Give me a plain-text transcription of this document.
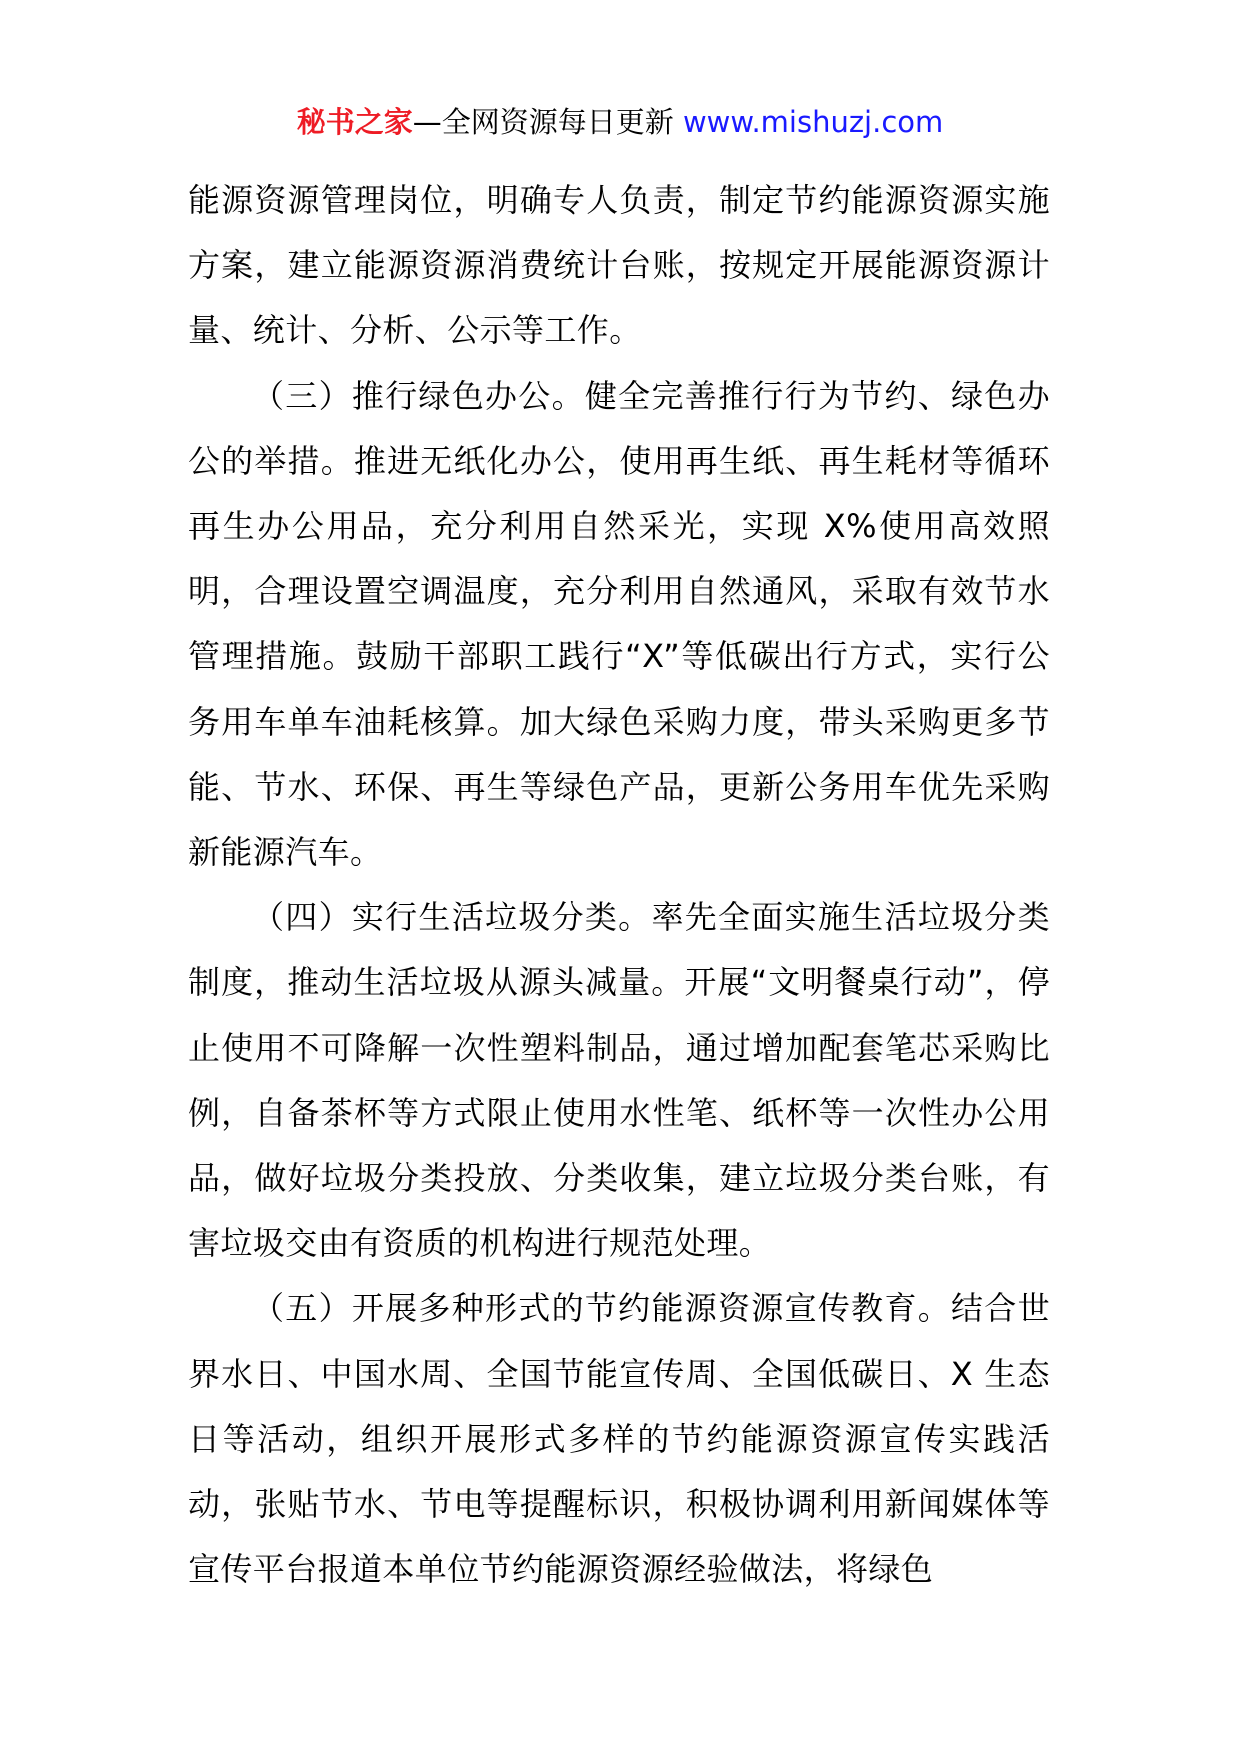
秘书之家—全网资源每日更新 www.mishuzj.com

能源资源管理岗位，明确专人负责，制定节约能源资源实施方案，建立能源资源消费统计台账，按规定开展能源资源计量、统计、分析、公示等工作。

（三）推行绿色办公。健全完善推行行为节约、绿色办公的举措。推进无纸化办公，使用再生纸、再生耗材等循环再生办公用品，充分利用自然采光，实现 X%使用高效照明，合理设置空调温度，充分利用自然通风，采取有效节水管理措施。鼓励干部职工践行“X”等低碳出行方式，实行公务用车单车油耗核算。加大绿色采购力度，带头采购更多节能、节水、环保、再生等绿色产品，更新公务用车优先采购新能源汽车。

（四）实行生活垃圾分类。率先全面实施生活垃圾分类制度，推动生活垃圾从源头减量。开展“文明餐桌行动”，停止使用不可降解一次性塑料制品，通过增加配套笔芯采购比例，自备茶杯等方式限止使用水性笔、纸杯等一次性办公用品，做好垃圾分类投放、分类收集，建立垃圾分类台账，有害垃圾交由有资质的机构进行规范处理。

（五）开展多种形式的节约能源资源宣传教育。结合世界水日、中国水周、全国节能宣传周、全国低碳日、X 生态日等活动，组织开展形式多样的节约能源资源宣传实践活动，张贴节水、节电等提醒标识，积极协调利用新闻媒体等宣传平台报道本单位节约能源资源经验做法，将绿色
